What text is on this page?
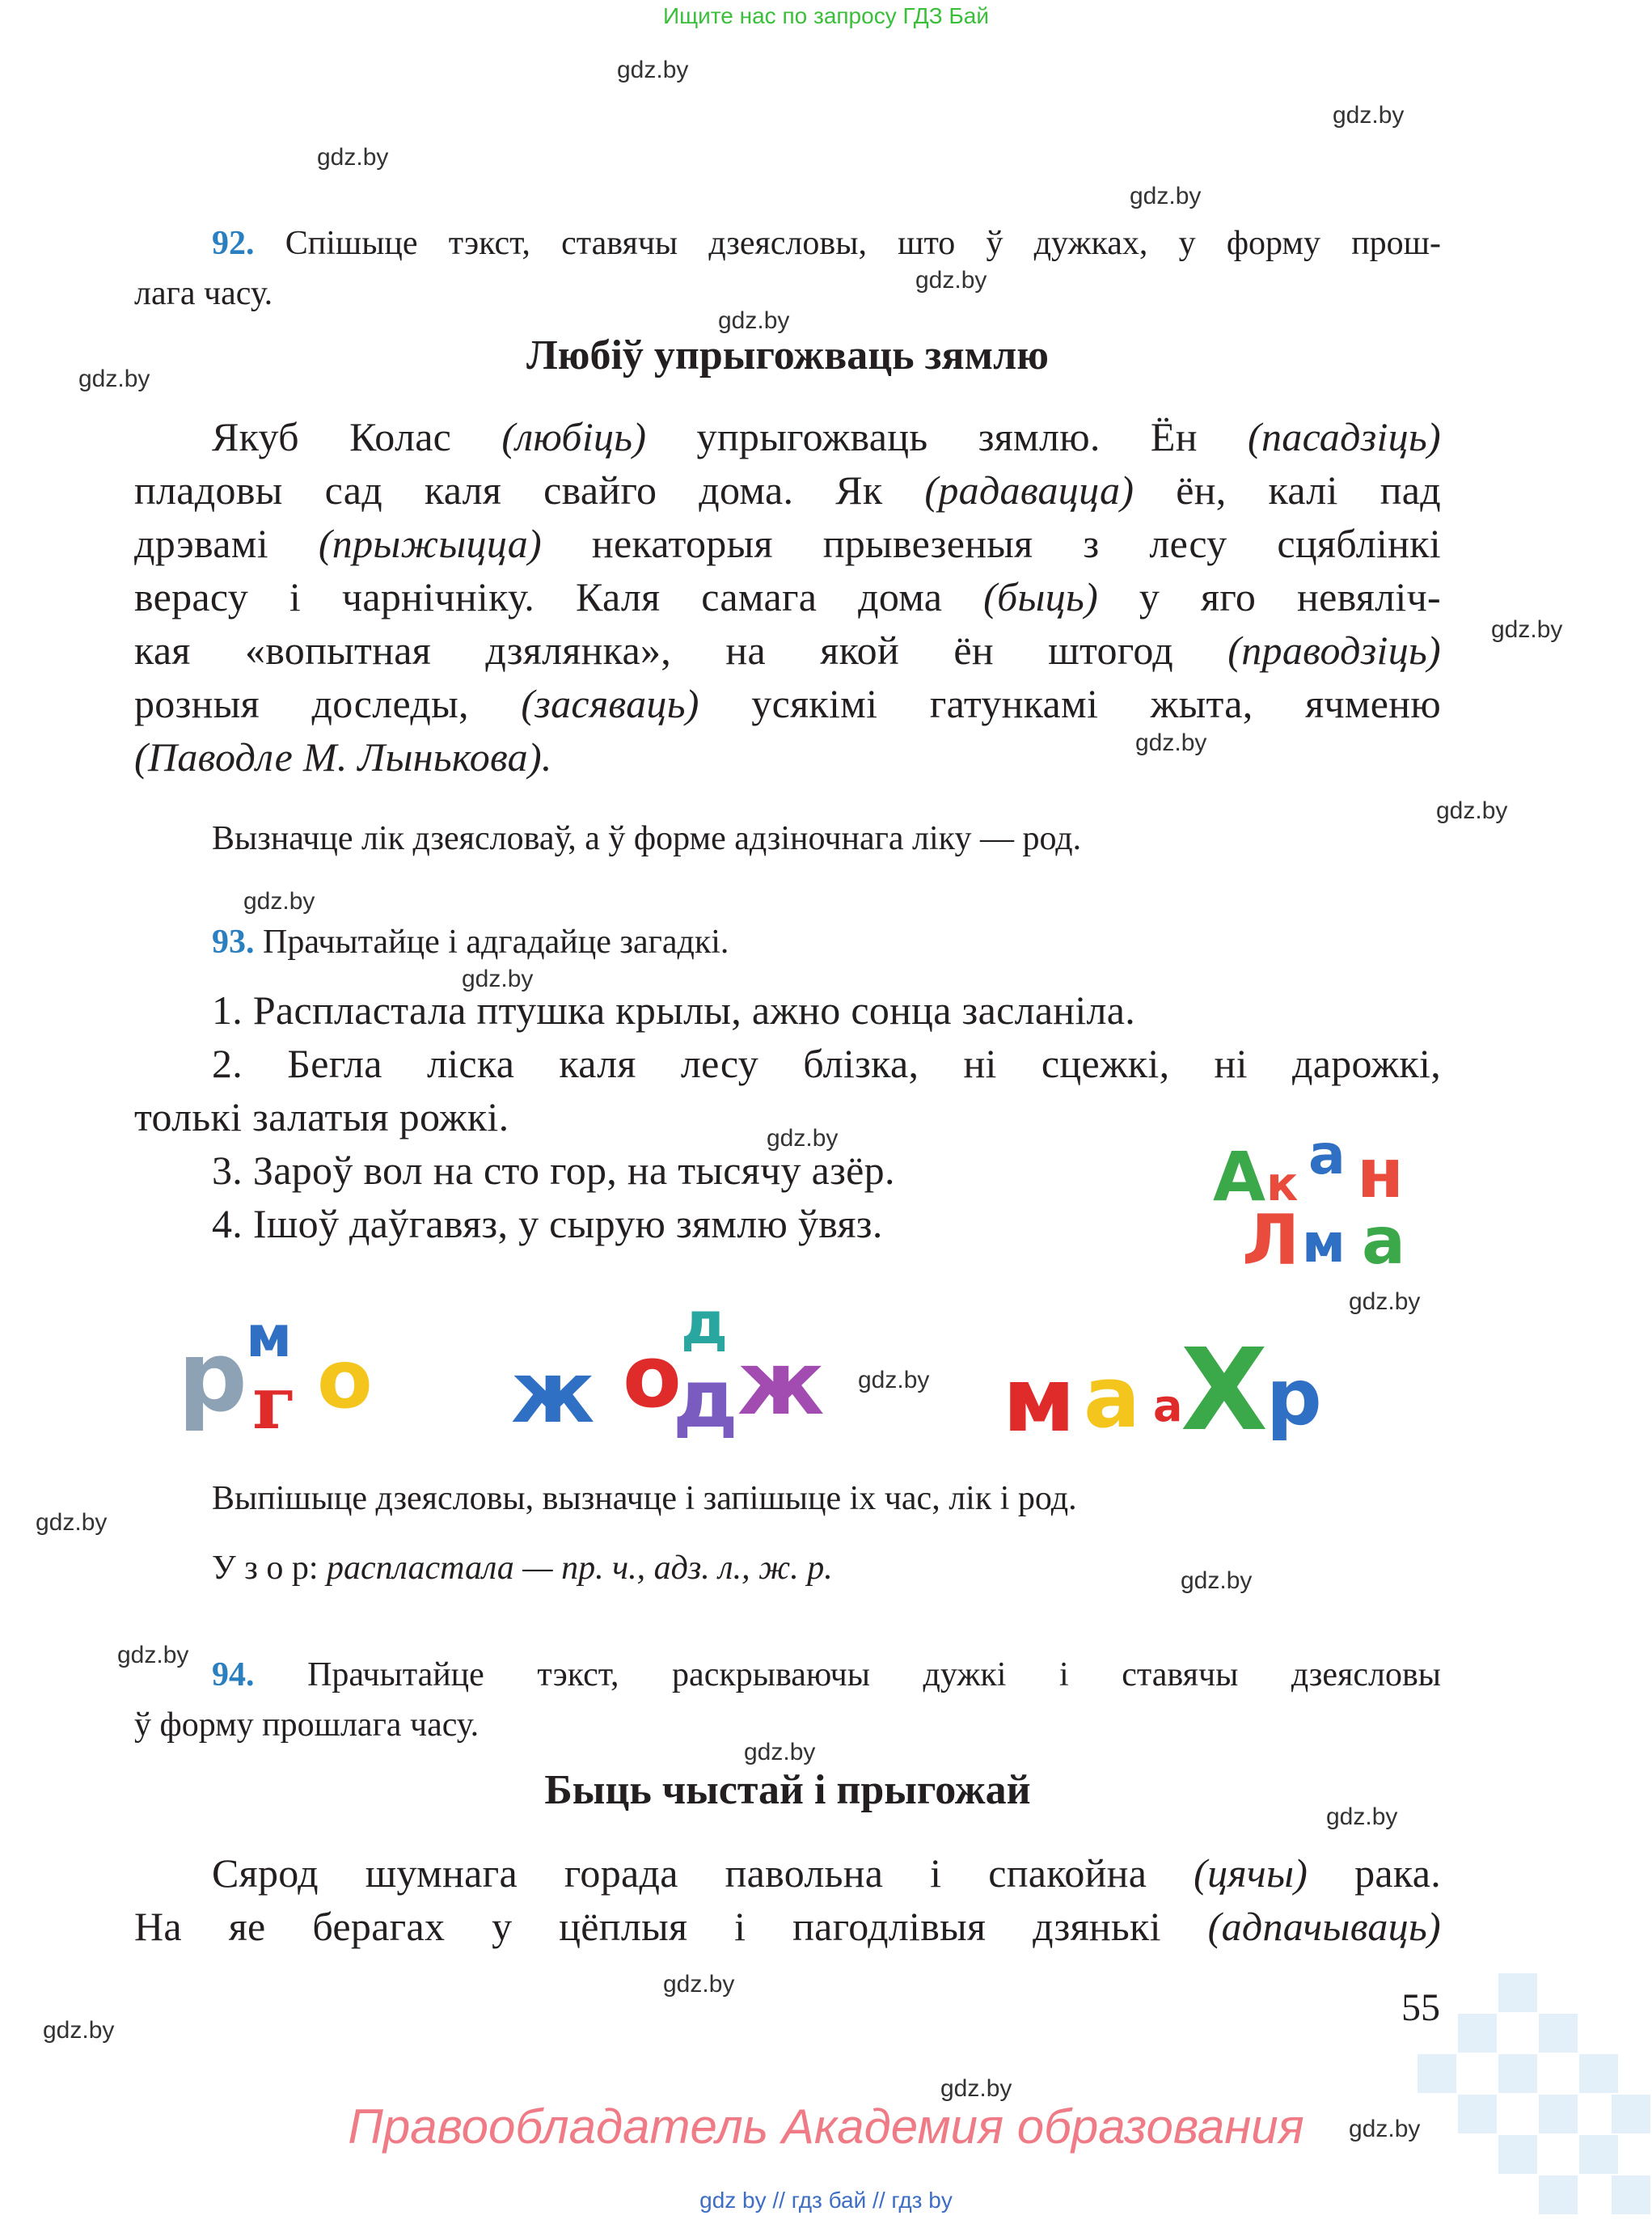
Ищите нас по запросу ГДЗ Бай
gdz.by
gdz.by
gdz.by
gdz.by
gdz.by
gdz.by
gdz.by
gdz.by
gdz.by
gdz.by
gdz.by
gdz.by
gdz.by
gdz.by
gdz.by
gdz.by
gdz.by
gdz.by
gdz.by
gdz.by
gdz.by
gdz.by
gdz.by
gdz.by
92. Спішыце тэкст, ставячы дзеясловы, што ў дужках, у форму прош-
лага часу.
Любіў упрыгожваць зямлю
Якуб Колас (любіць) упрыгожваць зямлю. Ён (пасадзіць)
пладовы сад каля свайго дома. Як (радавацца) ён, калі пад
дрэвамі (прыжыцца) некаторыя прывезеныя з лесу сцяблінкі
верасу і чарнічніку. Каля самага дома (быць) у яго невяліч-
кая «вопытная дзялянка», на якой ён штогод (праводзіць)
розныя доследы, (засяваць) усякімі гатункамі жыта, ячменю
(Паводле М. Лынькова).
Вызначце лік дзеясловаў, а ў форме адзіночнага ліку — род.
93. Прачытайце і адгадайце загадкі.
1. Распластала птушка крылы, ажно сонца засланіла.
2. Бегла ліска каля лесу блізка, ні сцежкі, ні дарожкі,
толькі залатыя рожкі.
3. Зароў вол на сто гор, на тысячу азёр.
4. Ішоў даўгавяз, у сырую зямлю ўвяз.
А к а н
Л м а
р
м
г о ж о
д
д ж м а а
Х
р
Выпішыце дзеясловы, вызначце і запішыце іх час, лік і род.
У з о р: распластала — пр. ч., адз. л., ж. р.
94. Прачытайце тэкст, раскрываючы дужкі і ставячы дзеясловы
ў форму прошлага часу.
Быць чыстай і прыгожай
Сярод шумнага горада павольна і спакойна (цячы) рака.
На яе берагах у цёплыя і пагодлівыя дзянькі (адпачываць)
55
Правообладатель Академия образования
gdz by // гдз бай // гдз by
